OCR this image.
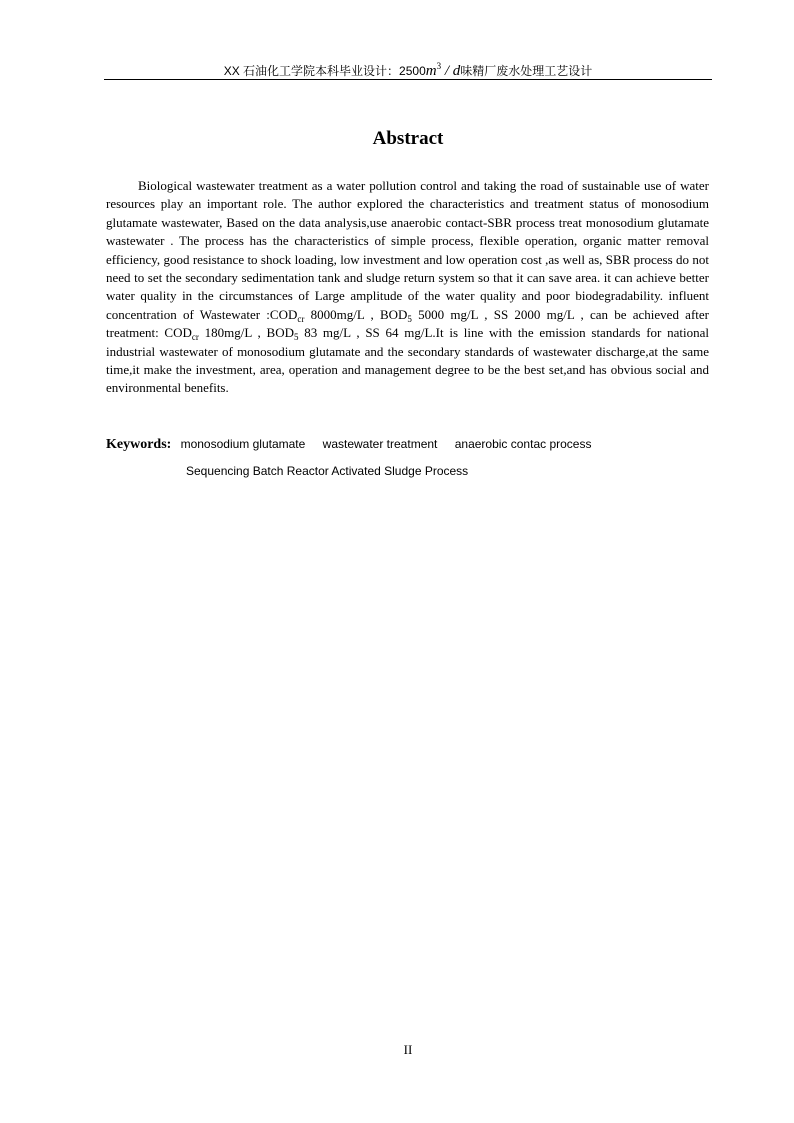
XX 石油化工学院本科毕业设计：$2500m^3$ / d味精厂废水处理工艺设计
Abstract

Biological wastewater treatment as a water pollution control and taking the road of sustainable use of water resources play an important role. The author explored the characteristics and treatment status of monosodium glutamate wastewater, Based on the data analysis,use anaerobic contact-SBR process treat monosodium glutamate wastewater . The process has the characteristics of simple process, flexible operation, organic matter removal efficiency, good resistance to shock loading, low investment and low operation cost ,as well as, SBR process do not need to set the secondary sedimentation tank and sludge return system so that it can save area. it can achieve better water quality in the circumstances of Large amplitude of the water quality and poor biodegradability. influent concentration of Wastewater $:COD_{cr}$ 8000mg/L , $BOD_5$ 5000 mg/L , SS 2000 mg/L , can be achieved after treatment: $COD_{cr}$ 180mg/L , $BOD_5$ 83 mg/L , SS 64 mg/L.It is line with the emission standards for national industrial wastewater of monosodium glutamate and the secondary standards of wastewater discharge,at the same time,it make the investment, area, operation and management degree to be the best set,and has obvious social and environmental benefits.

Keywords: monosodium glutamate wastewater treatment anaerobic contac process
Sequencing Batch Reactor Activated Sludge Process
II
